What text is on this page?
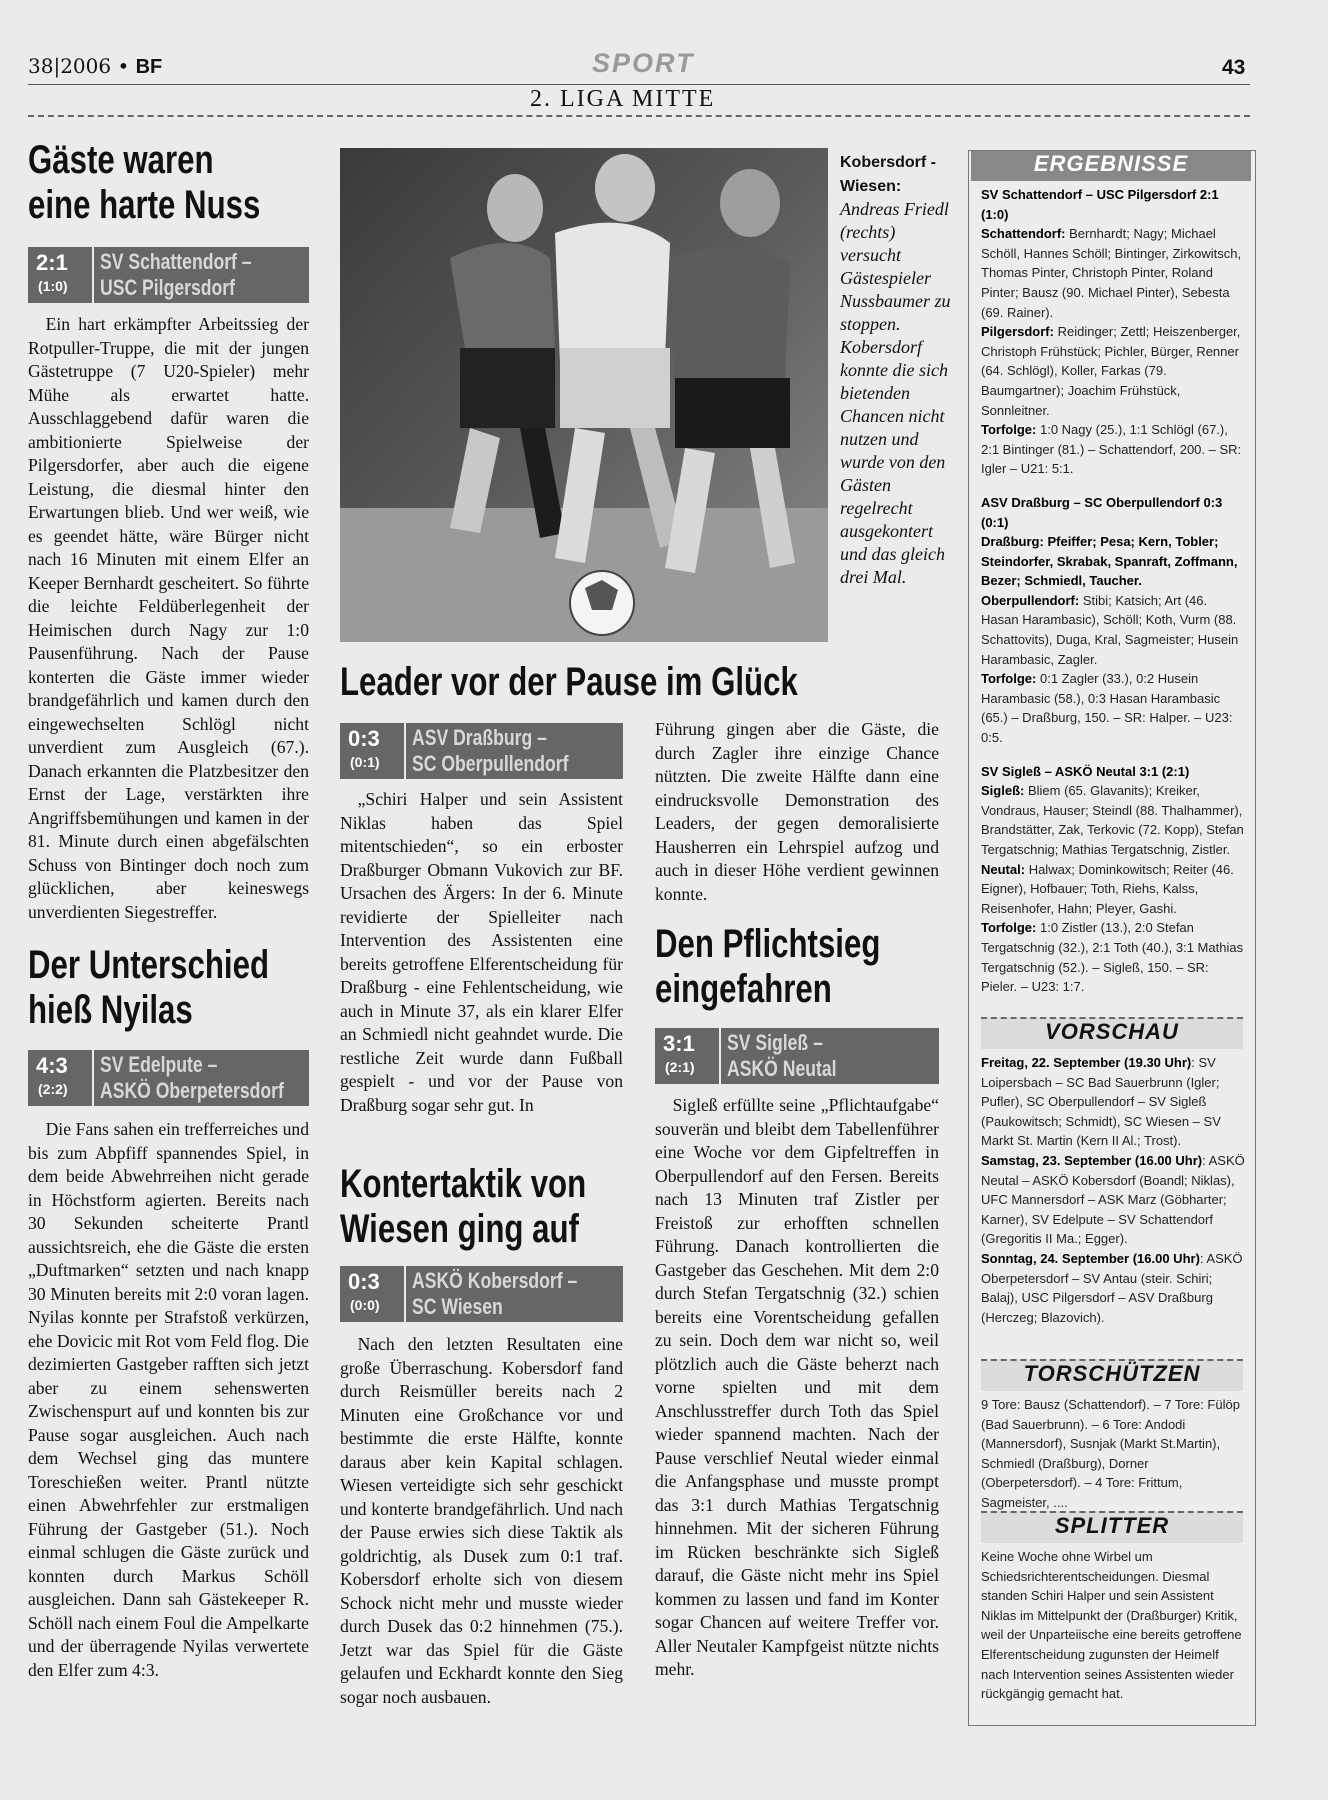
38|2006 • BF	SPORT	43
2. LIGA MITTE
Gäste waren
eine harte Nuss
2:1
(1:0)
SV Schattendorf –
USC Pilgersdorf

Ein hart erkämpfter Arbeitssieg der Rotpuller-Truppe, die mit der jungen Gästetruppe (7 U20-Spieler) mehr Mühe als erwartet hatte. Ausschlaggebend dafür waren die ambitionierte Spielweise der Pilgersdorfer, aber auch die eigene Leistung, die diesmal hinter den Erwartungen blieb. Und wer weiß, wie es geendet hätte, wäre Bürger nicht nach 16 Minuten mit einem Elfer an Keeper Bernhardt gescheitert. So führte die leichte Feldüberlegenheit der Heimischen durch Nagy zur 1:0 Pausenführung. Nach der Pause konterten die Gäste immer wieder brandgefährlich und kamen durch den eingewechselten Schlögl nicht unverdient zum Ausgleich (67.). Danach erkannten die Platzbesitzer den Ernst der Lage, verstärkten ihre Angriffsbemühungen und kamen in der 81. Minute durch einen abgefälschten Schuss von Bintinger doch noch zum glücklichen, aber keineswegs unverdienten Siegestreffer.

Der Unterschied
hieß Nyilas
4:3
(2:2)
SV Edelpute –
ASKÖ Oberpetersdorf

Die Fans sahen ein trefferreiches und bis zum Abpfiff spannendes Spiel, in dem beide Abwehrreihen nicht gerade in Höchstform agierten. Bereits nach 30 Sekunden scheiterte Prantl aussichtsreich, ehe die Gäste die ersten „Duftmarken“ setzten und nach knapp 30 Minuten bereits mit 2:0 voran lagen. Nyilas konnte per Strafstoß verkürzen, ehe Dovicic mit Rot vom Feld flog. Die dezimierten Gastgeber rafften sich jetzt aber zu einem sehenswerten Zwischenspurt auf und konnten bis zur Pause sogar ausgleichen. Auch nach dem Wechsel ging das muntere Toreschießen weiter. Prantl nützte einen Abwehrfehler zur erstmaligen Führung der Gastgeber (51.). Noch einmal schlugen die Gäste zurück und konnten durch Markus Schöll ausgleichen. Dann sah Gästekeeper R. Schöll nach einem Foul die Ampelkarte und der überragende Nyilas verwertete den Elfer zum 4:3.

Kobersdorf - Wiesen:
Andreas Friedl (rechts) versucht Gästespieler Nussbaumer zu stoppen. Kobersdorf konnte die sich bietenden Chancen nicht nutzen und wurde von den Gästen regelrecht ausgekontert und das gleich drei Mal.
Leader vor der Pause im Glück
0:3
(0:1)
ASV Draßburg –
SC Oberpullendorf

„Schiri Halper und sein Assistent Niklas haben das Spiel mitentschieden“, so ein erboster Draßburger Obmann Vukovich zur BF. Ursachen des Ärgers: In der 6. Minute revidierte der Spielleiter nach Intervention des Assistenten eine bereits getroffene Elferentscheidung für Draßburg - eine Fehlentscheidung, wie auch in Minute 37, als ein klarer Elfer an Schmiedl nicht geahndet wurde. Die restliche Zeit wurde dann Fußball gespielt - und vor der Pause von Draßburg sogar sehr gut. In

Führung gingen aber die Gäste, die durch Zagler ihre einzige Chance nützten. Die zweite Hälfte dann eine eindrucksvolle Demonstration des Leaders, der gegen demoralisierte Hausherren ein Lehrspiel aufzog und auch in dieser Höhe verdient gewinnen konnte.

Kontertaktik von
Wiesen ging auf
0:3
(0:0)
ASKÖ Kobersdorf –
SC Wiesen

Nach den letzten Resultaten eine große Überraschung. Kobersdorf fand durch Reismüller bereits nach 2 Minuten eine Großchance vor und bestimmte die erste Hälfte, konnte daraus aber kein Kapital schlagen. Wiesen verteidigte sich sehr geschickt und konterte brandgefährlich. Und nach der Pause erwies sich diese Taktik als goldrichtig, als Dusek zum 0:1 traf. Kobersdorf erholte sich von diesem Schock nicht mehr und musste wieder durch Dusek das 0:2 hinnehmen (75.). Jetzt war das Spiel für die Gäste gelaufen und Eckhardt konnte den Sieg sogar noch ausbauen.

Den Pflichtsieg
eingefahren
3:1
(2:1)
SV Sigleß –
ASKÖ Neutal

Sigleß erfüllte seine „Pflichtaufgabe“ souverän und bleibt dem Tabellenführer eine Woche vor dem Gipfeltreffen in Oberpullendorf auf den Fersen. Bereits nach 13 Minuten traf Zistler per Freistoß zur erhofften schnellen Führung. Danach kontrollierten die Gastgeber das Geschehen. Mit dem 2:0 durch Stefan Tergatschnig (32.) schien bereits eine Vorentscheidung gefallen zu sein. Doch dem war nicht so, weil plötzlich auch die Gäste beherzt nach vorne spielten und mit dem Anschlusstreffer durch Toth das Spiel wieder spannend machten. Nach der Pause verschlief Neutal wieder einmal die Anfangsphase und musste prompt das 3:1 durch Mathias Tergatschnig hinnehmen. Mit der sicheren Führung im Rücken beschränkte sich Sigleß darauf, die Gäste nicht mehr ins Spiel kommen zu lassen und fand im Konter sogar Chancen auf weitere Treffer vor. Aller Neutaler Kampfgeist nützte nichts mehr.

ERGEBNISSE

SV Schattendorf – USC Pilgersdorf 2:1 (1:0)

Schattendorf: Bernhardt; Nagy; Michael Schöll, Hannes Schöll; Bintinger, Zirkowitsch, Thomas Pinter, Christoph Pinter, Roland Pinter; Bausz (90. Michael Pinter), Sebesta (69. Rainer).

Pilgersdorf: Reidinger; Zettl; Heiszenberger, Christoph Frühstück; Pichler, Bürger, Renner (64. Schlögl), Koller, Farkas (79. Baumgartner); Joachim Frühstück, Sonnleitner.

Torfolge: 1:0 Nagy (25.), 1:1 Schlögl (67.), 2:1 Bintinger (81.) – Schattendorf, 200. – SR: Igler – U21: 5:1.

ASV Draßburg – SC Oberpullendorf 0:3 (0:1)

Draßburg: Pfeiffer; Pesa; Kern, Tobler; Steindorfer, Skrabak, Spanraft, Zoffmann, Bezer; Schmiedl, Taucher.

Oberpullendorf: Stibi; Katsich; Art (46. Hasan Harambasic), Schöll; Koth, Vurm (88. Schattovits), Duga, Kral, Sagmeister; Husein Harambasic, Zagler.

Torfolge: 0:1 Zagler (33.), 0:2 Husein Harambasic (58.), 0:3 Hasan Harambasic (65.) – Draßburg, 150. – SR: Halper. – U23: 0:5.

SV Sigleß – ASKÖ Neutal 3:1 (2:1)

Sigleß: Bliem (65. Glavanits); Kreiker, Vondraus, Hauser; Steindl (88. Thalhammer), Brandstätter, Zak, Terkovic (72. Kopp), Stefan Tergatschnig; Mathias Tergatschnig, Zistler.

Neutal: Halwax; Dominkowitsch; Reiter (46. Eigner), Hofbauer; Toth, Riehs, Kalss, Reisenhofer, Hahn; Pleyer, Gashi.

Torfolge: 1:0 Zistler (13.), 2:0 Stefan Tergatschnig (32.), 2:1 Toth (40.), 3:1 Mathias Tergatschnig (52.). – Sigleß, 150. – SR: Pieler. – U23: 1:7.

VORSCHAU

Freitag, 22. September (19.30 Uhr): SV Loipersbach – SC Bad Sauerbrunn (Igler; Pufler), SC Oberpullendorf – SV Sigleß (Paukowitsch; Schmidt), SC Wiesen – SV Markt St. Martin (Kern II Al.; Trost).

Samstag, 23. September (16.00 Uhr): ASKÖ Neutal – ASKÖ Kobersdorf (Boandl; Niklas), UFC Mannersdorf – ASK Marz (Göbharter; Karner), SV Edelpute – SV Schattendorf (Gregoritis II Ma.; Egger).

Sonntag, 24. September (16.00 Uhr): ASKÖ Oberpetersdorf – SV Antau (steir. Schiri; Balaj), USC Pilgersdorf – ASV Draßburg (Herczeg; Blazovich).

TORSCHÜTZEN
9 Tore: Bausz (Schattendorf). – 7 Tore: Fülöp (Bad Sauerbrunn). – 6 Tore: Andodi (Mannersdorf), Susnjak (Markt St.Martin), Schmiedl (Draßburg), Dorner (Oberpetersdorf). – 4 Tore: Frittum, Sagmeister, ....
SPLITTER
Keine Woche ohne Wirbel um Schiedsrichterentscheidungen. Diesmal standen Schiri Halper und sein Assistent Niklas im Mittelpunkt der (Draßburger) Kritik, weil der Unparteiische eine bereits getroffene Elferentscheidung zugunsten der Heimelf nach Intervention seines Assistenten wieder rückgängig gemacht hat.
